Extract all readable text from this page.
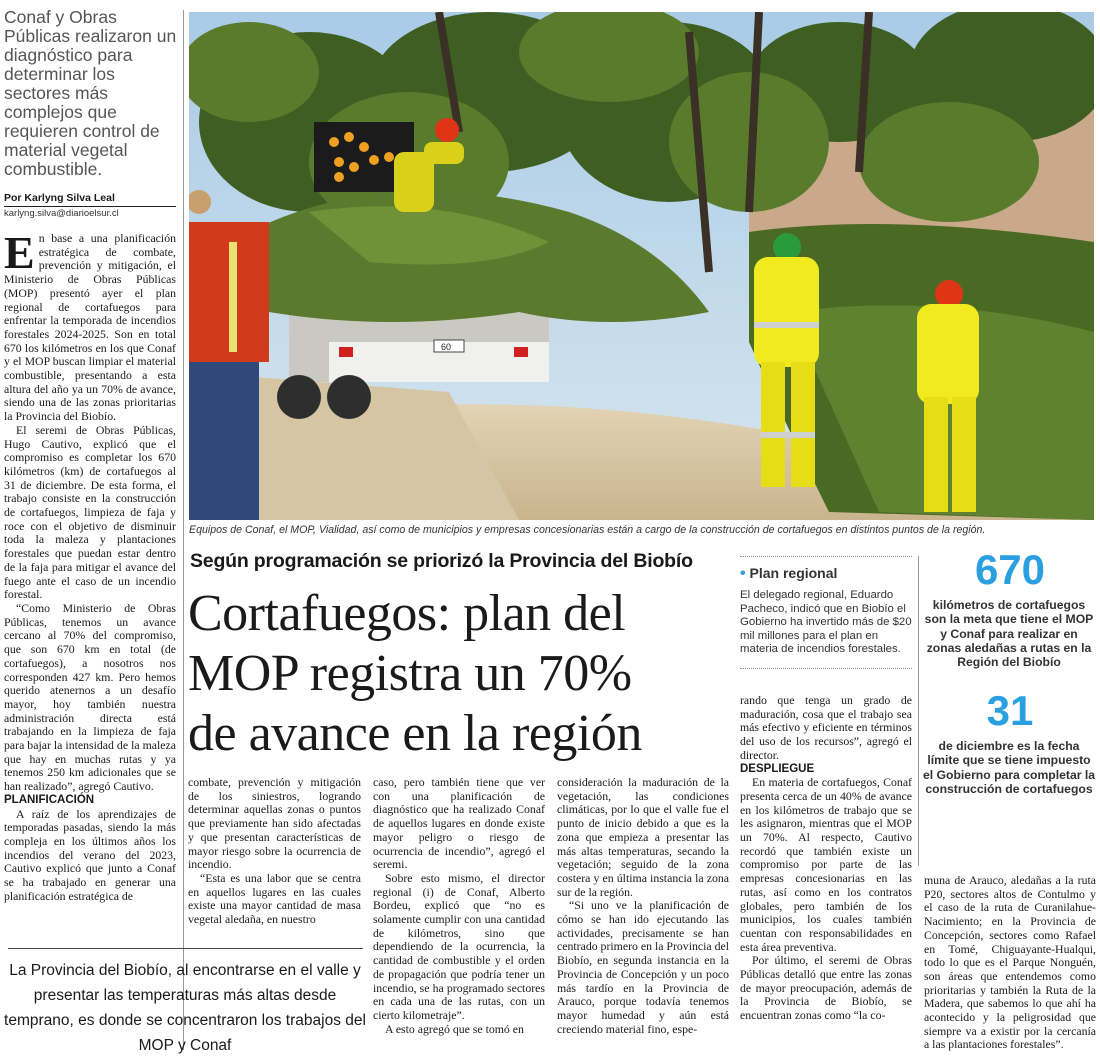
Conaf y Obras Públicas realizaron un diagnóstico para determinar los sectores más complejos que requieren control de material vegetal combustible.
Por Karlyng Silva Leal
karlyng.silva@diarioelsur.cl

En base a una planificación estratégica de combate, prevención y mitigación, el Ministerio de Obras Públicas (MOP) presentó ayer el plan regional de cortafuegos para enfrentar la temporada de incendios forestales 2024-2025. Son en total 670 los kilómetros en los que Conaf y el MOP buscan limpiar el material combustible, presentando a esta altura del año ya un 70% de avance, siendo una de las zonas prioritarias la Provincia del Biobío.

El seremi de Obras Públicas, Hugo Cautivo, explicó que el compromiso es completar los 670 kilómetros (km) de cortafuegos al 31 de diciembre. De esta forma, el trabajo consiste en la construcción de cortafuegos, limpieza de faja y roce con el objetivo de disminuir toda la maleza y plantaciones forestales que puedan estar dentro de la faja para mitigar el avance del fuego ante el caso de un incendio forestal.

“Como Ministerio de Obras Públicas, tenemos un avance cercano al 70% del compromiso, que son 670 km en total (de cortafuegos), a nosotros nos corresponden 427 km. Pero hemos querido atenernos a un desafío mayor, hoy también nuestra administración directa está trabajando en la limpieza de faja para bajar la intensidad de la maleza que hay en muchas rutas y ya tenemos 250 km adicionales que se han realizado”, agregó Cautivo.

PLANIFICACIÓN

A raíz de los aprendizajes de temporadas pasadas, siendo la más compleja en los últimos años los incendios del verano del 2023, Cautivo explicó que junto a Conaf se ha trabajado en generar una planificación estratégica de

60
Equipos de Conaf, el MOP, Vialidad, así como de municipios y empresas concesionarias están a cargo de la construcción de cortafuegos en distintos puntos de la región.
Según programación se priorizó la Provincia del Biobío
Cortafuegos: plan del
MOP registra un 70%
de avance en la región
• Plan regional
El delegado regional, Eduardo Pacheco, indicó que en Biobío el Gobierno ha invertido más de $20 mil millones para el plan en materia de incendios forestales.
670
kilómetros de cortafuegos son la meta que tiene el MOP y Conaf para realizar en zonas aledañas a rutas en la Región del Biobío
31
de diciembre es la fecha límite que se tiene impuesto el Gobierno para completar la construcción de cortafuegos

combate, prevención y mitigación de los siniestros, logrando determinar aquellas zonas o puntos que previamente han sido afectadas y que presentan características de mayor riesgo sobre la ocurrencia de incendio.

“Esta es una labor que se centra en aquellos lugares en las cuales existe una mayor cantidad de masa vegetal aledaña, en nuestro

caso, pero también tiene que ver con una planificación de diagnóstico que ha realizado Conaf de aquellos lugares en donde existe mayor peligro o riesgo de ocurrencia de incendio”, agregó el seremi.

Sobre esto mismo, el director regional (i) de Conaf, Alberto Bordeu, explicó que “no es solamente cumplir con una cantidad de kilómetros, sino que dependiendo de la ocurrencia, la cantidad de combustible y el orden de propagación que podría tener un incendio, se ha programado sectores en cada una de las rutas, con un cierto kilometraje”.

A esto agregó que se tomó en

consideración la maduración de la vegetación, las condiciones climáticas, por lo que el valle fue el punto de inicio debido a que es la zona que empieza a presentar las más altas temperaturas, secando la vegetación; seguido de la zona costera y en última instancia la zona sur de la región.

“Si uno ve la planificación de cómo se han ido ejecutando las actividades, precisamente se han centrado primero en la Provincia del Biobío, en segunda instancia en la Provincia de Concepción y un poco más tardío en la Provincia de Arauco, porque todavía tenemos mayor humedad y aún está creciendo material fino, espe-

rando que tenga un grado de maduración, cosa que el trabajo sea más efectivo y eficiente en términos del uso de los recursos”, agregó el director.

DESPLIEGUE

En materia de cortafuegos, Conaf presenta cerca de un 40% de avance en los kilómetros de trabajo que se les asignaron, mientras que el MOP un 70%. Al respecto, Cautivo recordó que también existe un compromiso por parte de las empresas concesionarias en las rutas, así como en los contratos globales, pero también de los municipios, los cuales también cuentan con responsabilidades en esta área preventiva.

Por último, el seremi de Obras Públicas detalló que entre las zonas de mayor preocupación, además de la Provincia de Biobío, se encuentran zonas como “la co-

muna de Arauco, aledañas a la ruta P20, sectores altos de Contulmo y el caso de la ruta de Curanilahue-Nacimiento; en la Provincia de Concepción, sectores como Rafael en Tomé, Chiguayante-Hualqui, todo lo que es el Parque Nonguén, son áreas que entendemos como prioritarias y también la Ruta de la Madera, que sabemos lo que ahí ha acontecido y la peligrosidad que siempre va a existir por la cercanía a las plantaciones forestales”.

La Provincia del Biobío, al encontrarse en el valle y presentar las temperaturas más altas desde temprano, es donde se concentraron los trabajos del MOP y Conaf
